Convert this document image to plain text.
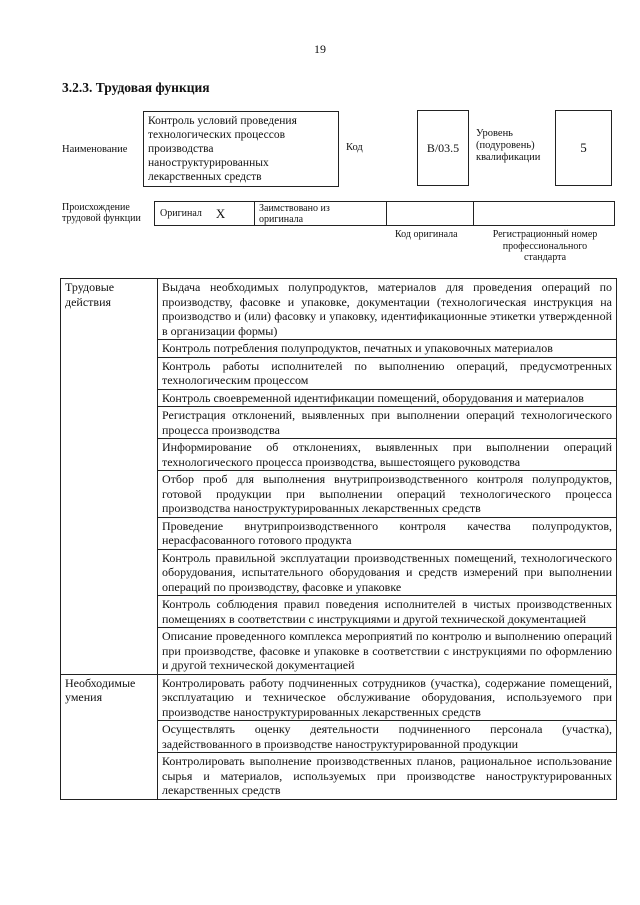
19
3.2.3. Трудовая функция
Наименование
Контроль условий проведения
технологических процессов
производства
наноструктурированных
лекарственных средств
Код	В/03.5
Уровень
(подуровень)
квалификации
5
Происхождение
трудовой функции Оригинал X	Заимствовано из
оригинала
Код оригинала	Регистрационный номер
профессионального
стандарта
Трудовые
действия	Выдача необходимых полупродуктов, материалов для проведения операций по производству, фасовке и упаковке, документации (технологическая инструкция на производство и (или) фасовку и упаковку, идентификационные этикетки утвержденной в организации формы)
	Контроль потребления полупродуктов, печатных и упаковочных материалов
	Контроль работы исполнителей по выполнению операций, предусмотренных технологическим процессом
	Контроль своевременной идентификации помещений, оборудования и материалов
	Регистрация отклонений, выявленных при выполнении операций технологического процесса производства
	Информирование об отклонениях, выявленных при выполнении операций технологического процесса производства, вышестоящего руководства
	Отбор проб для выполнения внутрипроизводственного контроля полупродуктов, готовой продукции при выполнении операций технологического процесса производства наноструктурированных лекарственных средств
	Проведение внутрипроизводственного контроля качества полупродуктов, нерасфасованного готового продукта
	Контроль правильной эксплуатации производственных помещений, технологического оборудования, испытательного оборудования и средств измерений при выполнении операций по производству, фасовке и упаковке
	Контроль соблюдения правил поведения исполнителей в чистых производственных помещениях в соответствии с инструкциями и другой технической документацией
	Описание проведенного комплекса мероприятий по контролю и выполнению операций при производстве, фасовке и упаковке в соответствии с инструкциями по оформлению и другой технической документацией

Необходимые
умения	Контролировать работу подчиненных сотрудников (участка), содержание помещений, эксплуатацию и техническое обслуживание оборудования, используемого при производстве наноструктурированных лекарственных средств
	Осуществлять оценку деятельности подчиненного персонала (участка), задействованного в производстве наноструктурированной продукции
	Контролировать выполнение производственных планов, рациональное использование сырья и материалов, используемых при производстве наноструктурированных лекарственных средств
